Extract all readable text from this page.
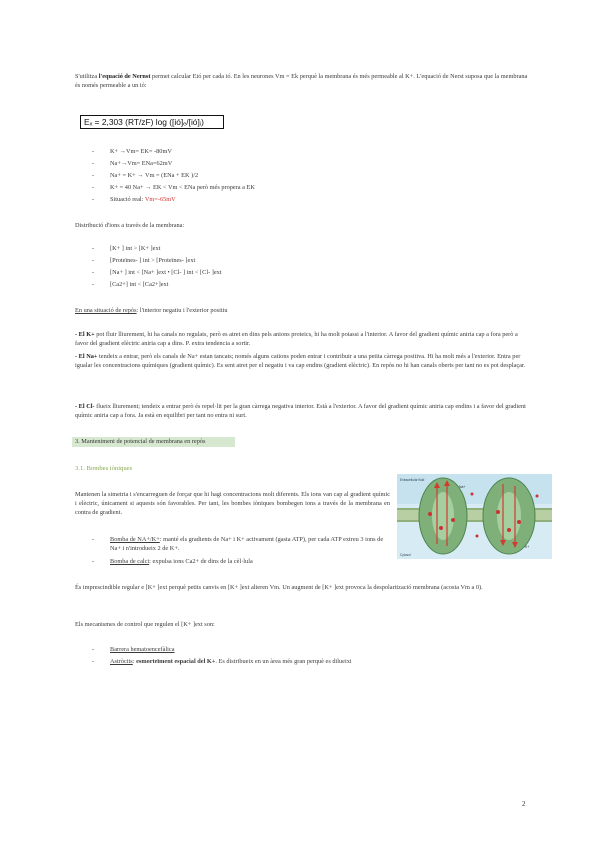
S'utilitza l'equació de Nernst permet calcular Eió per cada ió. En les neurones Vm = Ek perquè la membrana és més permeable al K+. L'equació de Nerst suposa que la membrana és només permeable a un ió:
Eₓ = 2,303 (RT/zF) log ([ió]ₑ/[ió]ᵢ)
-	K+ →Vm= EK= -80mV
-	Na+→Vm= ENa=62mV
-	Na+ = K+ → Vm = (ENa + EK )/2
-	K+ = 40 Na+ → EK < Vm < ENa però més propera a EK
-	Situació real: Vm=-65mV
Distribució d'ions a través de la membrana:
-	[K+ ] int > [K+ ]ext
-	[Proteïnes- ] int > [Proteïnes- ]ext
-	[Na+ ] int < [Na+ ]ext • [Cl- ] int < [Cl- ]ext
-	[Ca2+] int < [Ca2+]ext
En una situació de repòs: l'interior negatiu i l'exterior positiu
- El K+ pot fluir lliurement, hi ha canals no regulats, però es atret en dins pels anions proteics, hi ha molt potassi a l'interior. A favor del gradient químic aniria cap a fora però a favor del gradient elèctric aniria cap a dins. P. extra tendencia a sortir.
- El Na+ tendeix a entrar, però els canals de Na+ estan tancats; només alguns cations poden entrar i contribuir a una petita càrrega positiva. Hi ha molt més a l'exterior. Entra per igualar les concentracions químiques (gradient químic). Es sent atret per el negatiu i va cap endins (gradient elèctric). En repòs no hi han canals oberts per tant no es pot desplaçar.
- El Cl- flueix lliurement; tendeix a entrar però és repel·lit per la gran càrrega negativa interior. Està a l'exterior. A favor del gradient químic aniria cap endins i a favor del gradient químic aniria cap a fora. Ja està en equilibri per tant no entra ni surt.
3. Manteniment de potencial de membrana en repòs
3.1. Bombes iòniques
Mantenen la simetria i s'encarreguen de forçar que hi hagi concentracions molt diferents. Els ions van cap al gradient químic i elèctric, únicament si aquests són favorables. Per tant, les bombes iòniques bombegen ions a través de la membrana en contra de gradient.
-	Bomba de NA+/K+: manté els gradients de Na+ i K+ activament (gasta ATP), per cada ATP extreu 3 ions de Na+ i n'introdueix 2 de K+.
-	Bomba de calci: expulsa ions Ca2+ de dins de la cèl·lula
Extracellular fluid
Cytosol
Na+
K+
És imprescindible regular e [K+ ]ext perquè petits canvis en [K+ ]ext alteren Vm. Un augment de [K+ ]ext provoca la despolarització membrana (acosta Vm a 0).
Els mecanismes de control que regulen el [K+ ]ext son:
-	Barrera hematoencefàlica
-	Astròcits: esmorteïment espacial del K+. Es distribueix en un àrea més gran perquè es dilueixi
2
